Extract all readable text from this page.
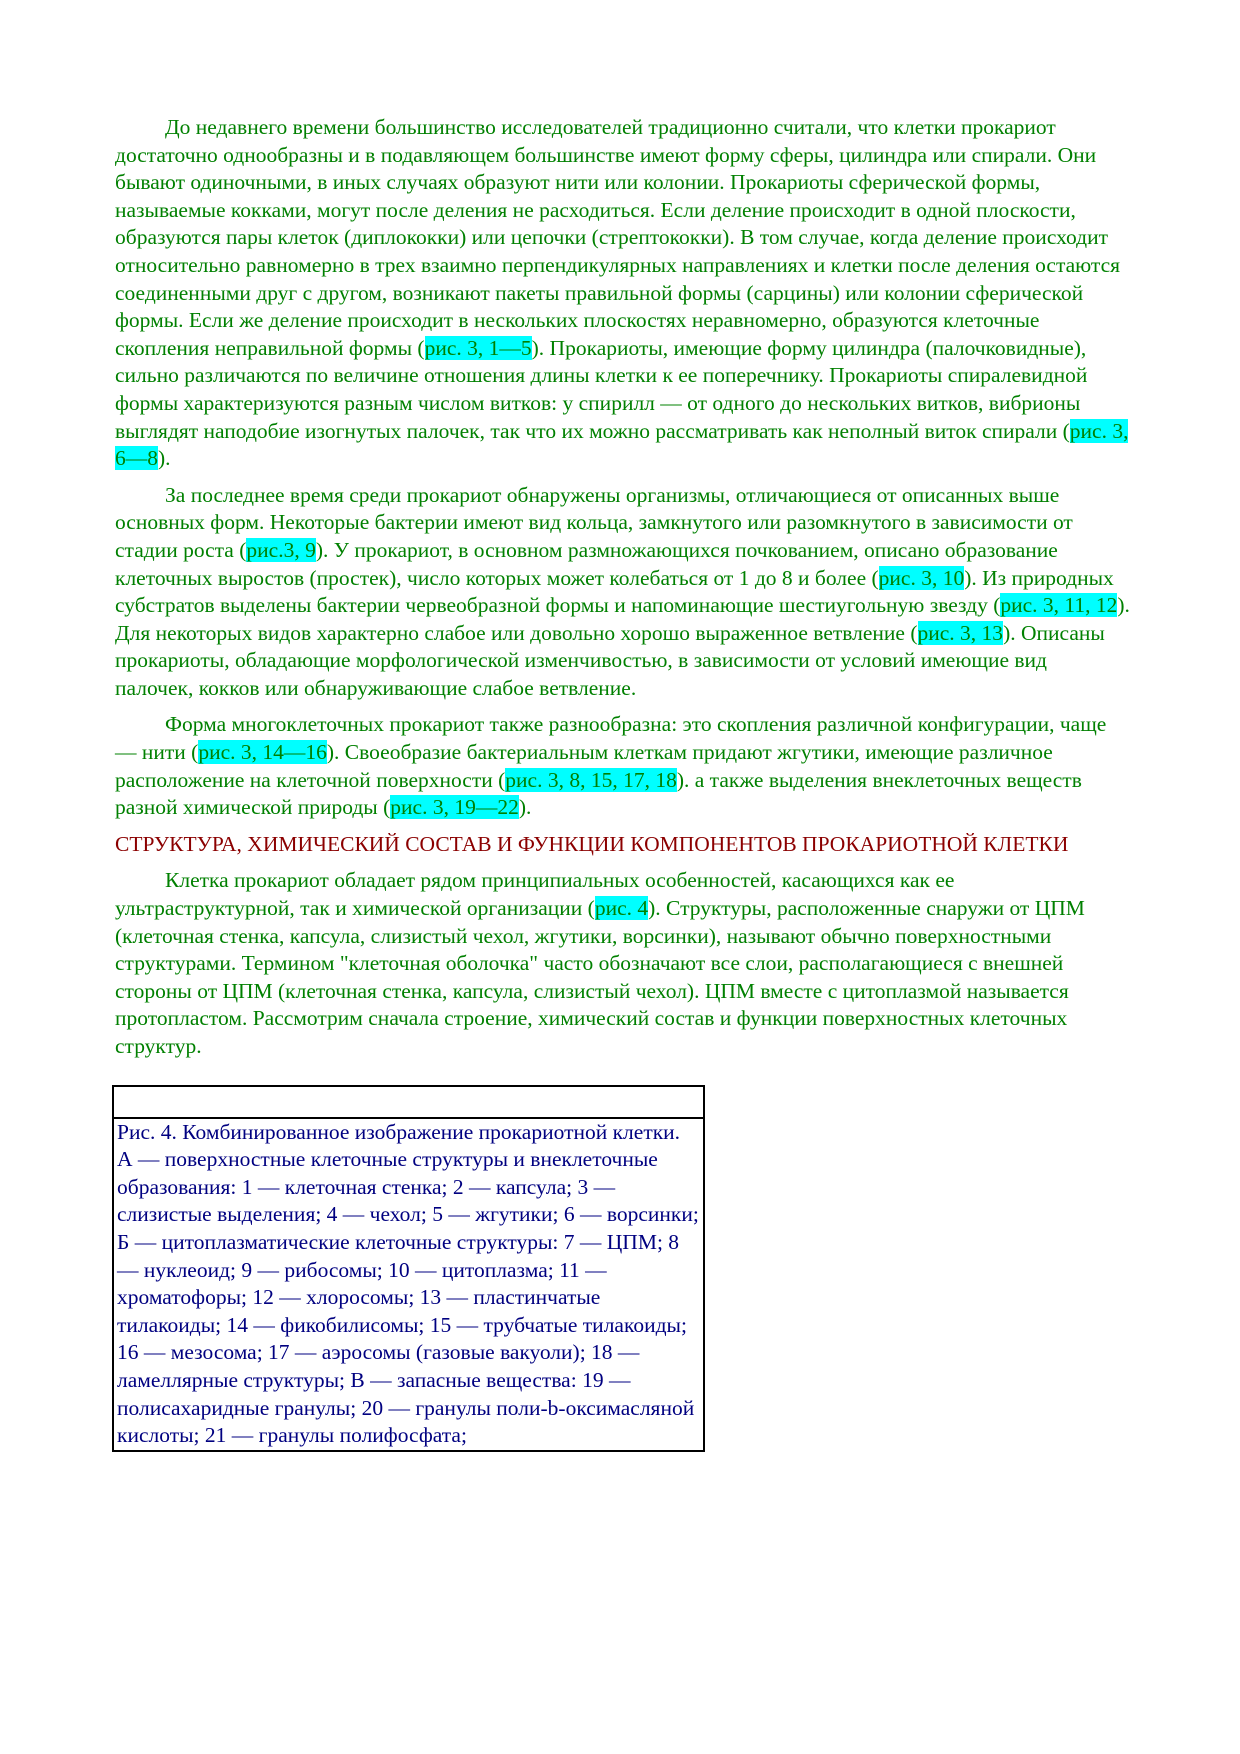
До недавнего времени большинство исследователей традиционно считали, что клетки прокариот достаточно однообразны и в подавляющем большинстве имеют форму сферы, цилиндра или спирали. Они бывают одиночными, в иных случаях образуют нити или колонии. Прокариоты сферической формы, называемые кокками, могут после деления не расходиться. Если деление происходит в одной плоскости, образуются пары клеток (диплококки) или цепочки (стрептококки). В том случае, когда деление происходит относительно равномерно в трех взаимно перпендикулярных направлениях и клетки после деления остаются соединенными друг с другом, возникают пакеты правильной формы (сарцины) или колонии сферической формы. Если же деление происходит в нескольких плоскостях неравномерно, образуются клеточные скопления неправильной формы (рис. 3, 1—5). Прокариоты, имеющие форму цилиндра (палочковидные), сильно различаются по величине отношения длины клетки к ее поперечнику. Прокариоты спиралевидной формы характеризуются разным числом витков: у спирилл — от одного до нескольких витков, вибрионы выглядят наподобие изогнутых палочек, так что их можно рассматривать как неполный виток спирали (рис. 3, 6—8).

За последнее время среди прокариот обнаружены организмы, отличающиеся от описанных выше основных форм. Некоторые бактерии имеют вид кольца, замкнутого или разомкнутого в зависимости от стадии роста (рис.3, 9). У прокариот, в основном размножающихся почкованием, описано образование клеточных выростов (простек), число которых может колебаться от 1 до 8 и более (рис. 3, 10). Из природных субстратов выделены бактерии червеобразной формы и напоминающие шестиугольную звезду (рис. 3, 11, 12). Для некоторых видов характерно слабое или довольно хорошо выраженное ветвление (рис. 3, 13). Описаны прокариоты, обладающие морфологической изменчивостью, в зависимости от условий имеющие вид палочек, кокков или обнаруживающие слабое ветвление.

Форма многоклеточных прокариот также разнообразна: это скопления различной конфигурации, чаще — нити (рис. 3, 14—16). Своеобразие бактериальным клеткам придают жгутики, имеющие различное расположение на клеточной поверхности (рис. 3, 8, 15, 17, 18). а также выделения внеклеточных веществ разной химической природы (рис. 3, 19—22).

СТРУКТУРА, ХИМИЧЕСКИЙ СОСТАВ И ФУНКЦИИ КОМПОНЕНТОВ ПРОКАРИОТНОЙ КЛЕТКИ

Клетка прокариот обладает рядом принципиальных особенностей, касающихся как ее ультраструктурной, так и химической организации (рис. 4). Структуры, расположенные снаружи от ЦПМ (клеточная стенка, капсула, слизистый чехол, жгутики, ворсинки), называют обычно поверхностными структурами. Термином "клеточная оболочка" часто обозначают все слои, располагающиеся с внешней стороны от ЦПМ (клеточная стенка, капсула, слизистый чехол). ЦПМ вместе с цитоплазмой называется протопластом. Рассмотрим сначала строение, химический состав и функции поверхностных клеточных структур.

Рис. 4. Комбинированное изображение прокариотной клетки. А — поверхностные клеточные структуры и внеклеточные образования: 1 — клеточная стенка; 2 — капсула; 3 — слизистые выделения; 4 — чехол; 5 — жгутики; 6 — ворсинки; Б — цитоплазматические клеточные структуры: 7 — ЦПМ; 8 — нуклеоид; 9 — рибосомы; 10 — цитоплазма; 11 — хроматофоры; 12 — хлоросомы; 13 — пластинчатые тилакоиды; 14 — фикобилисомы; 15 — трубчатые тилакоиды; 16 — мезосома; 17 — аэросомы (газовые вакуоли); 18 — ламеллярные структуры; В — запасные вещества: 19 — полисахаридные гранулы; 20 — гранулы поли-b-оксимасляной кислоты; 21 — гранулы полифосфата;
